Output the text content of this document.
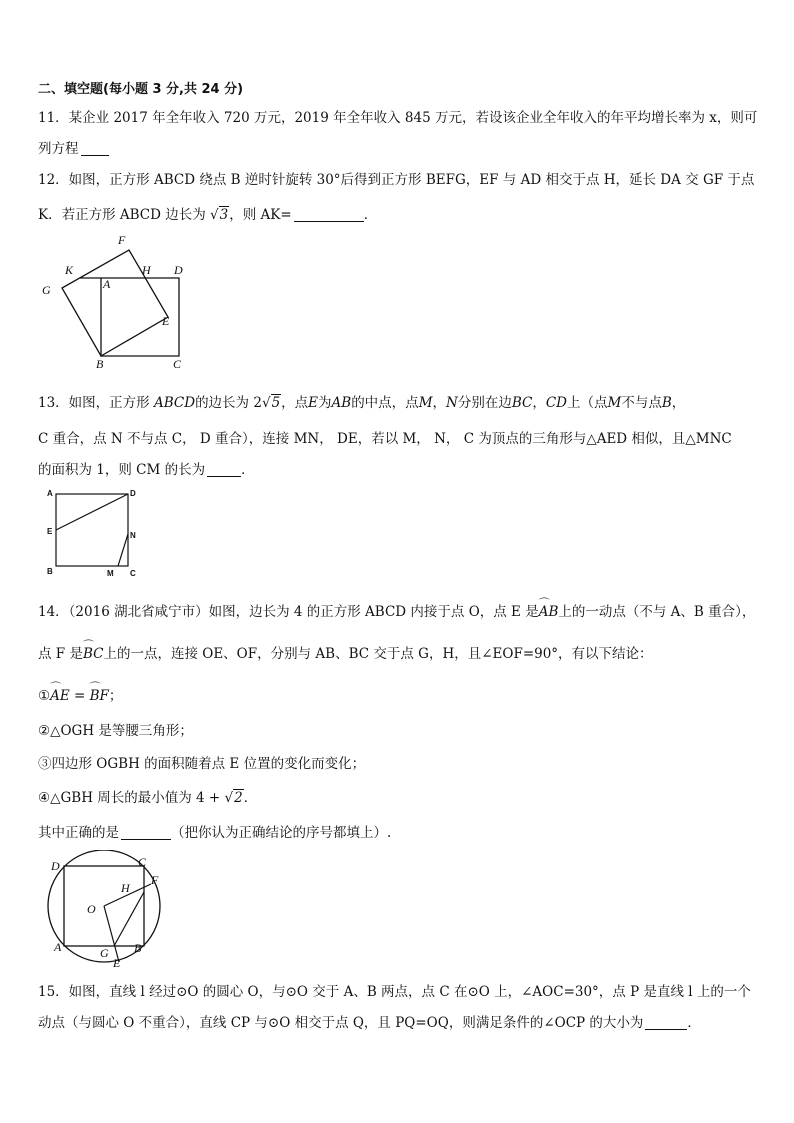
二、填空题(每小题 3 分,共 24 分)
11．某企业 2017 年全年收入 720 万元，2019 年全年收入 845 万元，若设该企业全年收入的年平均增长率为 x，则可
列方程
12．如图，正方形 ABCD 绕点 B 逆时针旋转 30°后得到正方形 BEFG，EF 与 AD 相交于点 H，延长 DA 交 GF 于点
K．若正方形 ABCD 边长为 √3，则 AK=	．
F
K	H D
G	A
E
B	C
13．如图，正方形 ABCD的边长为 2√5，点E为AB的中点，点M，N分别在边BC，CD上（点M不与点B，
C 重合，点 N 不与点 C， D 重合），连接 MN， DE，若以 M， N， C 为顶点的三角形与△AED 相似，且△MNC
的面积为 1，则 CM 的长为	．
A	D
E	N
B	M C
14．（2016 湖北省咸宁市）如图，边长为 4 的正方形 ABCD 内接于点 O，点 E 是⌒ AB上的一动点（不与 A、B 重合），
点 F 是⌒ BC上的一点，连接 OE、OF，分别与 AB、BC 交于点 G，H，且∠EOF=90°，有以下结论：
①⌒ AE = ⌒ BF；
②△OGH 是等腰三角形；
③四边形 OGBH 的面积随着点 E 位置的变化而变化；
④△GBH 周长的最小值为 4 + √2．
其中正确的是	（把你认为正确结论的序号都填上）.
D	C
H
F
O
A	G B
E
15．如图，直线 l 经过⊙O 的圆心 O，与⊙O 交于 A、B 两点，点 C 在⊙O 上，∠AOC=30°，点 P 是直线 l 上的一个
动点（与圆心 O 不重合），直线 CP 与⊙O 相交于点 Q，且 PQ=OQ，则满足条件的∠OCP 的大小为	．
